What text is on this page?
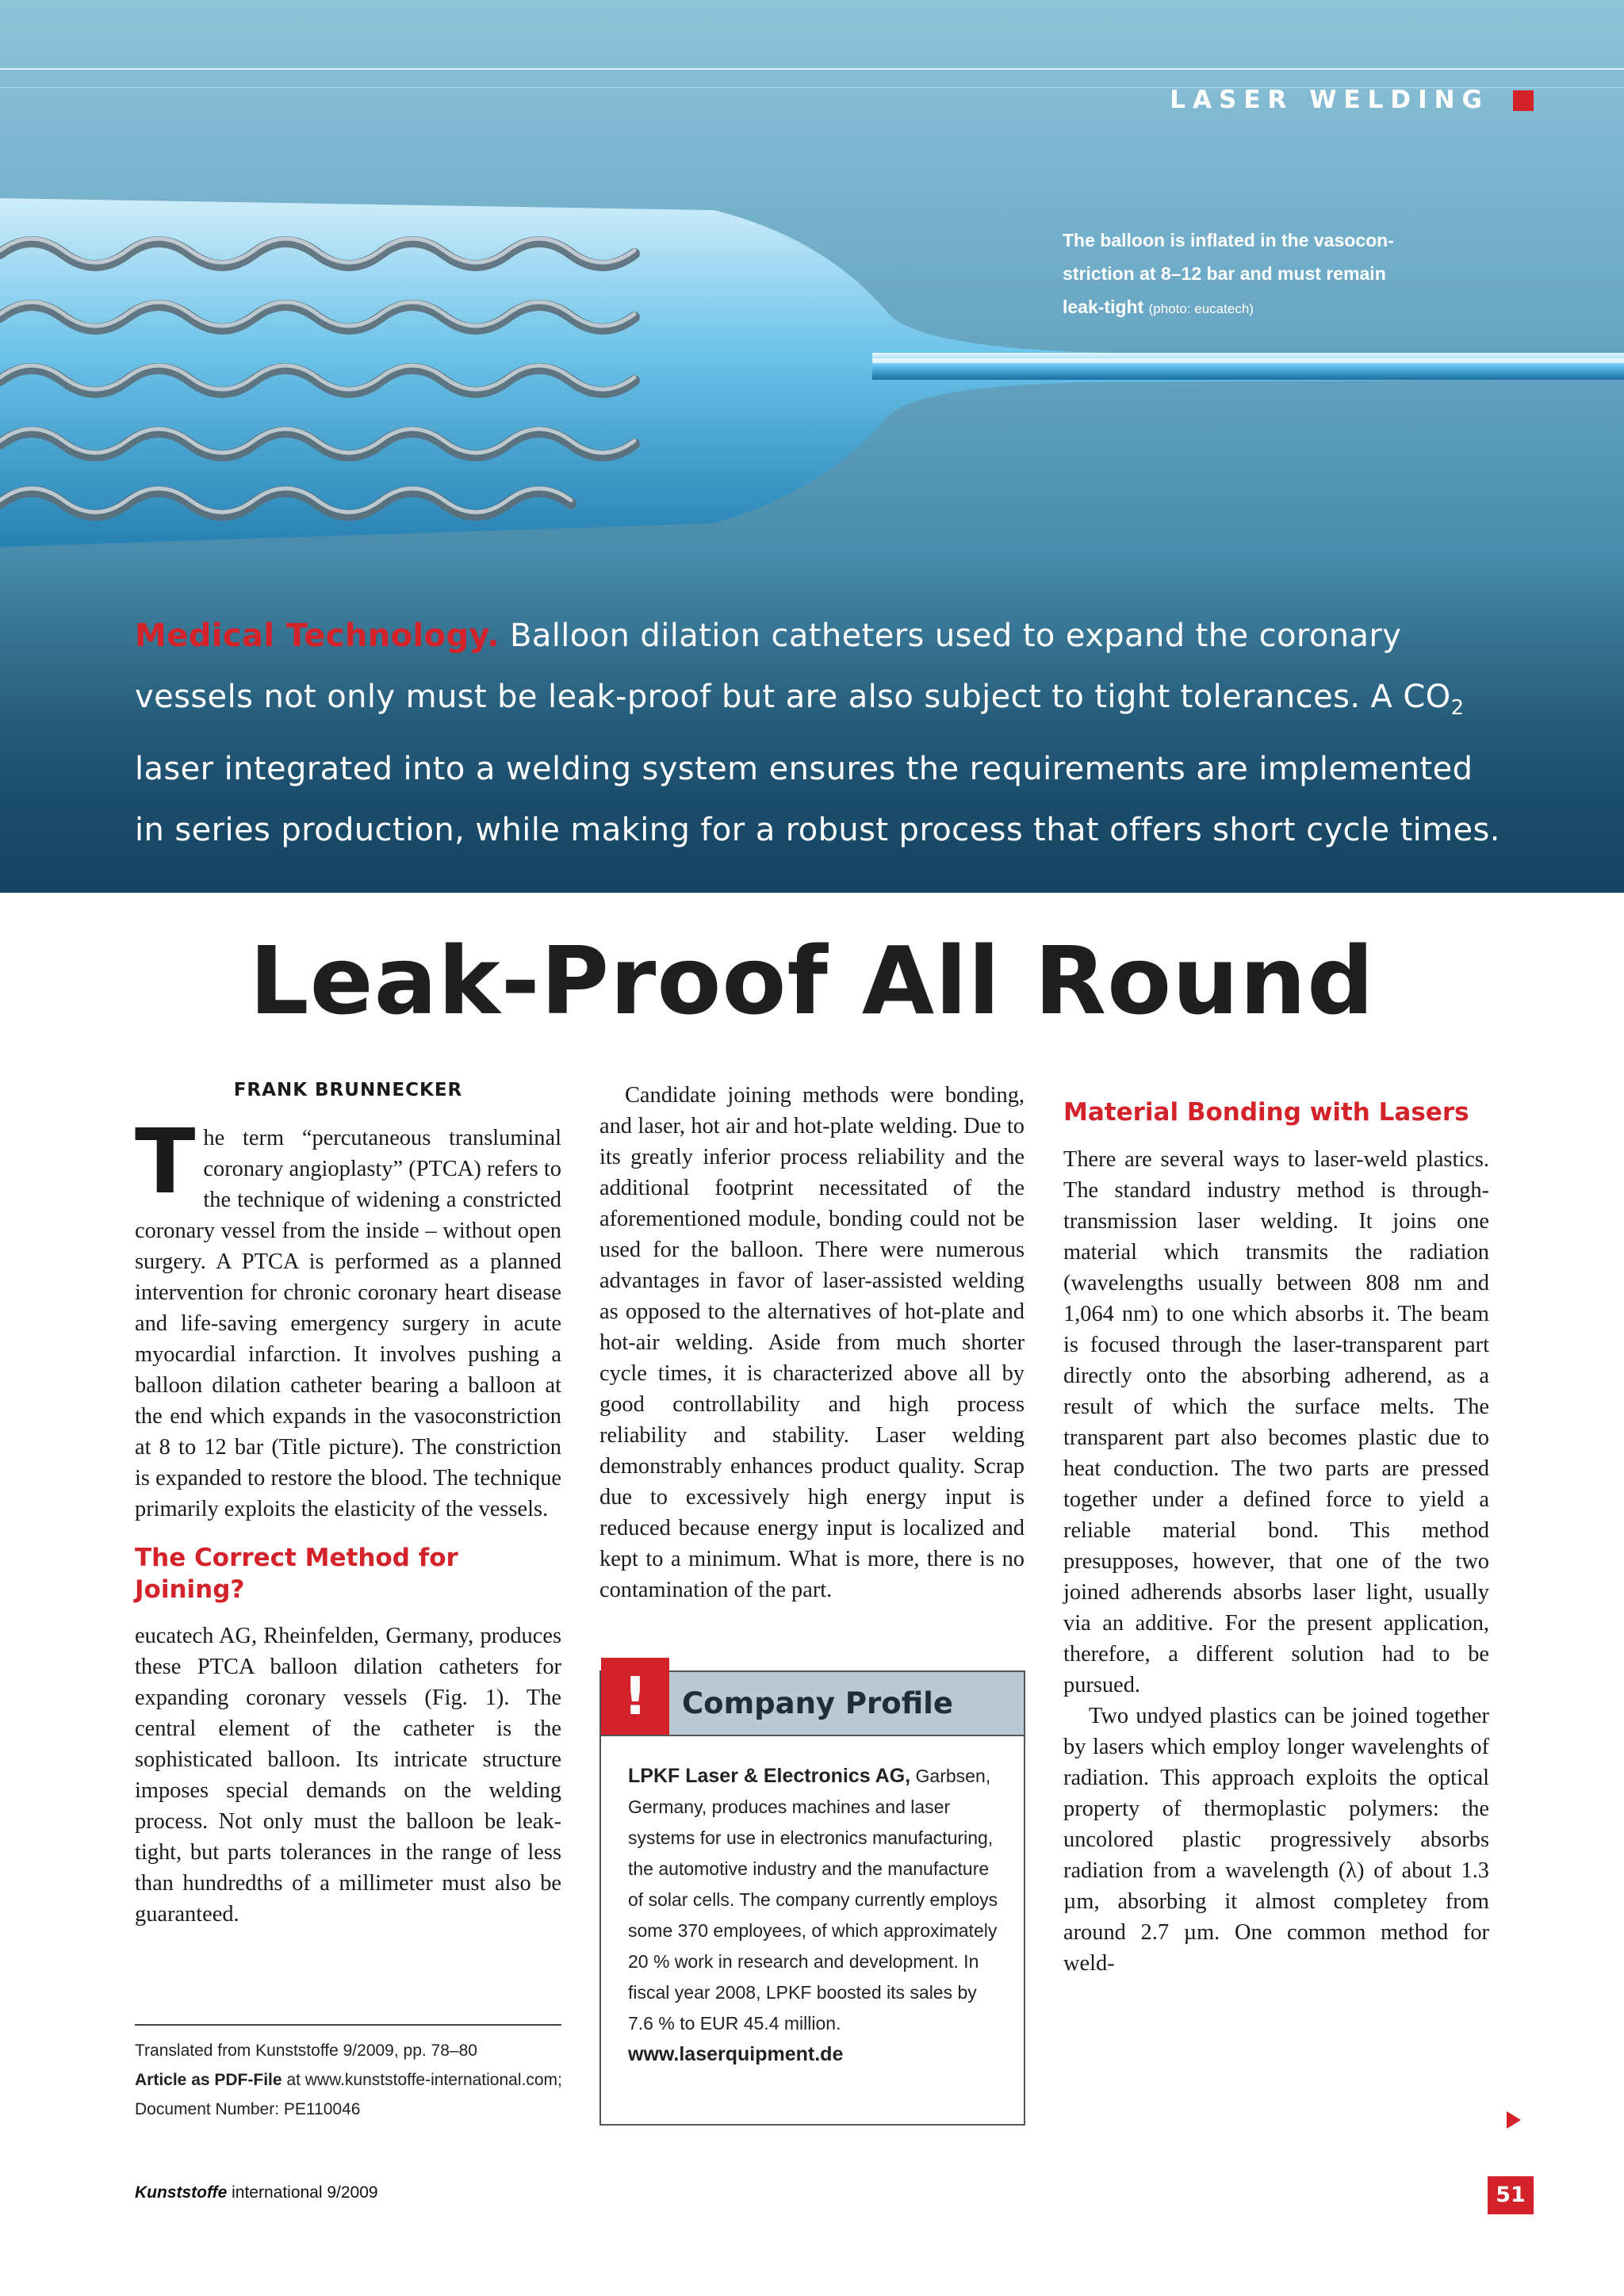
LASER WELDING
The balloon is inflated in the vasocon-
striction at 8–12 bar and must remain
leak-tight (photo: eucatech)
Medical Technology. Balloon dilation catheters used to expand the coronary vessels not only must be leak-proof but are also subject to tight tolerances. A $CO_2$ laser integrated into a welding system ensures the requirements are implemented in series production, while making for a robust process that offers short cycle times.
Leak-Proof All Round
FRANK BRUNNECKER

The term “percutaneous transluminal coronary angioplasty” (PTCA) refers to the technique of widening a constricted coronary vessel from the inside – without open surgery. A PTCA is performed as a planned intervention for chronic coronary heart disease and life-saving emergency surgery in acute myocardial infarction. It involves pushing a balloon dilation catheter bearing a balloon at the end which expands in the vasoconstriction at 8 to 12 bar (Title picture). The constriction is expanded to restore the blood. The technique primarily exploits the elasticity of the vessels.

The Correct Method for Joining?

eucatech AG, Rheinfelden, Germany, produces these PTCA balloon dilation catheters for expanding coronary vessels (Fig. 1). The central element of the catheter is the sophisticated balloon. Its intricate structure imposes special demands on the welding process. Not only must the balloon be leak-tight, but parts tolerances in the range of less than hundredths of a millimeter must also be guaranteed.

Translated from Kunststoffe 9/2009, pp. 78–80
Article as PDF-File at www.kunststoffe-international.com; Document Number: PE110046

Candidate joining methods were bonding, and laser, hot air and hot-plate welding. Due to its greatly inferior process reliability and the additional footprint necessitated of the aforementioned module, bonding could not be used for the balloon. There were numerous advantages in favor of laser-assisted welding as opposed to the alternatives of hot-plate and hot-air welding. Aside from much shorter cycle times, it is characterized above all by good controllability and high process reliability and stability. Laser welding demonstrably enhances product quality. Scrap due to excessively high energy input is reduced because energy input is localized and kept to a minimum. What is more, there is no contamination of the part.

!	Company Profile
LPKF Laser & Electronics AG, Garbsen, Germany, produces machines and laser systems for use in electronics manufacturing, the automotive industry and the manufacture of solar cells. The company currently employs some 370 employees, of which approximately 20 % work in research and development. In fiscal year 2008, LPKF boosted its sales by 7.6 % to EUR 45.4 million.
www.laserquipment.de
Material Bonding with Lasers

There are several ways to laser-weld plastics. The standard industry method is through-transmission laser welding. It joins one material which transmits the radiation (wavelengths usually between 808 nm and 1,064 nm) to one which absorbs it. The beam is focused through the laser-transparent part directly onto the absorbing adherend, as a result of which the surface melts. The transparent part also becomes plastic due to heat conduction. The two parts are pressed together under a defined force to yield a reliable material bond. This method presupposes, however, that one of the two joined adherends absorbs laser light, usually via an additive. For the present application, therefore, a different solution had to be pursued.

Two undyed plastics can be joined together by lasers which employ longer wavelenghts of radiation. This approach exploits the optical property of thermoplastic polymers: the uncolored plastic progressively absorbs radiation from a wavelength (λ) of about 1.3 µm, absorbing it almost completey from around 2.7 µm. One common method for weld-

Kunststoffe international 9/2009	51
